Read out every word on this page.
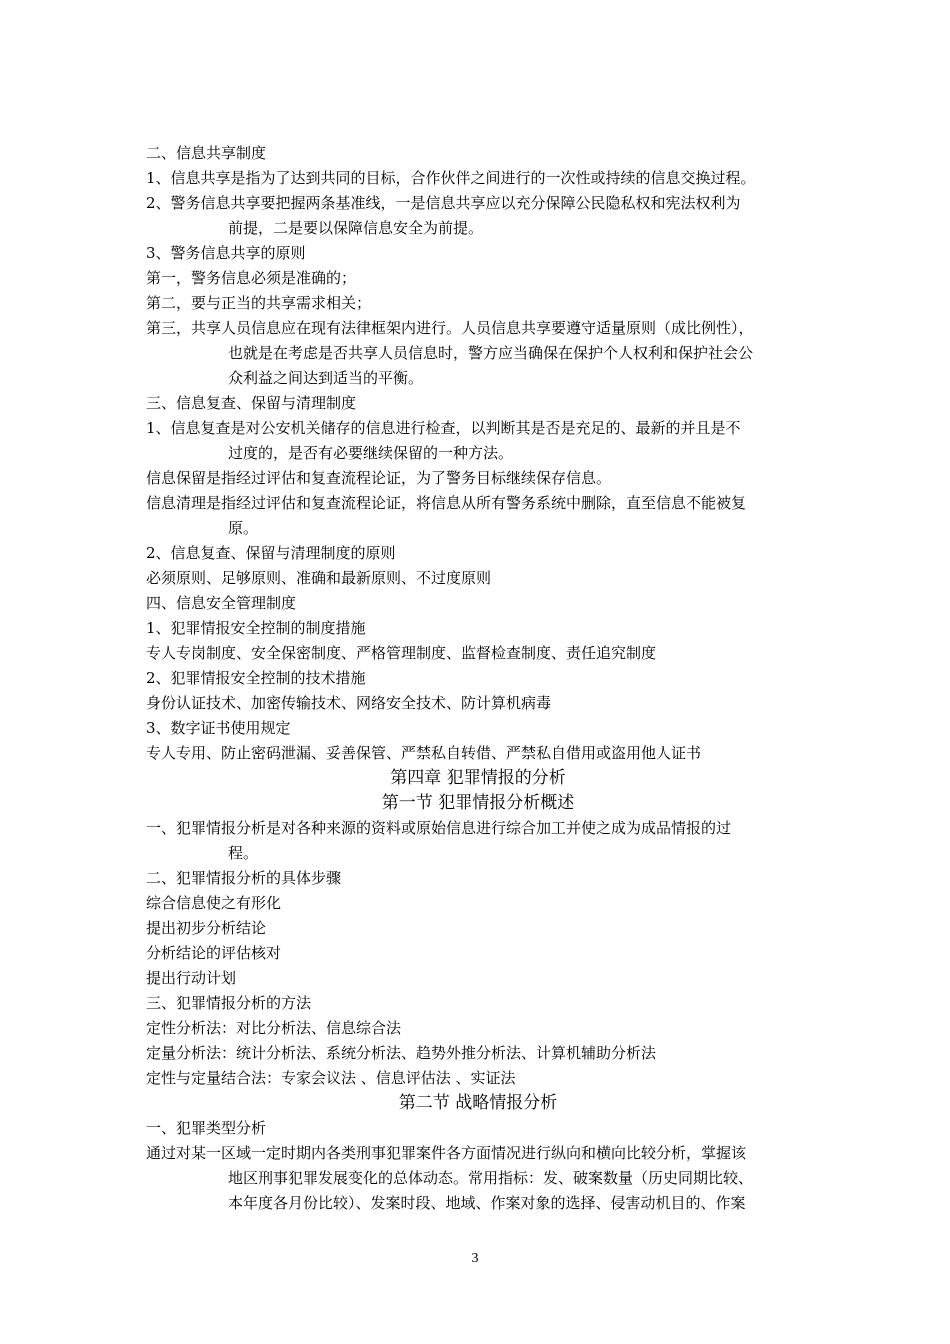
二、信息共享制度

1、信息共享是指为了达到共同的目标，合作伙伴之间进行的一次性或持续的信息交换过程。

2、警务信息共享要把握两条基准线，一是信息共享应以充分保障公民隐私权和宪法权利为

前提，二是要以保障信息安全为前提。

3、警务信息共享的原则

第一，警务信息必须是准确的；

第二，要与正当的共享需求相关；

第三，共享人员信息应在现有法律框架内进行。人员信息共享要遵守适量原则（成比例性），

也就是在考虑是否共享人员信息时，警方应当确保在保护个人权利和保护社会公

众利益之间达到适当的平衡。

三、信息复查、保留与清理制度

1、信息复查是对公安机关储存的信息进行检查，以判断其是否是充足的、最新的并且是不

过度的，是否有必要继续保留的一种方法。

信息保留是指经过评估和复查流程论证，为了警务目标继续保存信息。

信息清理是指经过评估和复查流程论证，将信息从所有警务系统中删除，直至信息不能被复

原。

2、信息复查、保留与清理制度的原则

必须原则、足够原则、准确和最新原则、不过度原则

四、信息安全管理制度

1、犯罪情报安全控制的制度措施

专人专岗制度、安全保密制度、严格管理制度、监督检查制度、责任追究制度

2、犯罪情报安全控制的技术措施

身份认证技术、加密传输技术、网络安全技术、防计算机病毒

3、数字证书使用规定

专人专用、防止密码泄漏、妥善保管、严禁私自转借、严禁私自借用或盗用他人证书

第四章 犯罪情报的分析

第一节 犯罪情报分析概述

一、犯罪情报分析是对各种来源的资料或原始信息进行综合加工并使之成为成品情报的过

程。

二、犯罪情报分析的具体步骤

综合信息使之有形化

提出初步分析结论

分析结论的评估核对

提出行动计划

三、犯罪情报分析的方法

定性分析法：对比分析法、信息综合法

定量分析法：统计分析法、系统分析法、趋势外推分析法、计算机辅助分析法

定性与定量结合法：专家会议法 、信息评估法 、实证法

第二节 战略情报分析

一、犯罪类型分析

通过对某一区域一定时期内各类刑事犯罪案件各方面情况进行纵向和横向比较分析，掌握该

地区刑事犯罪发展变化的总体动态。常用指标：发、破案数量（历史同期比较、

本年度各月份比较）、发案时段、地域、作案对象的选择、侵害动机目的、作案

3
